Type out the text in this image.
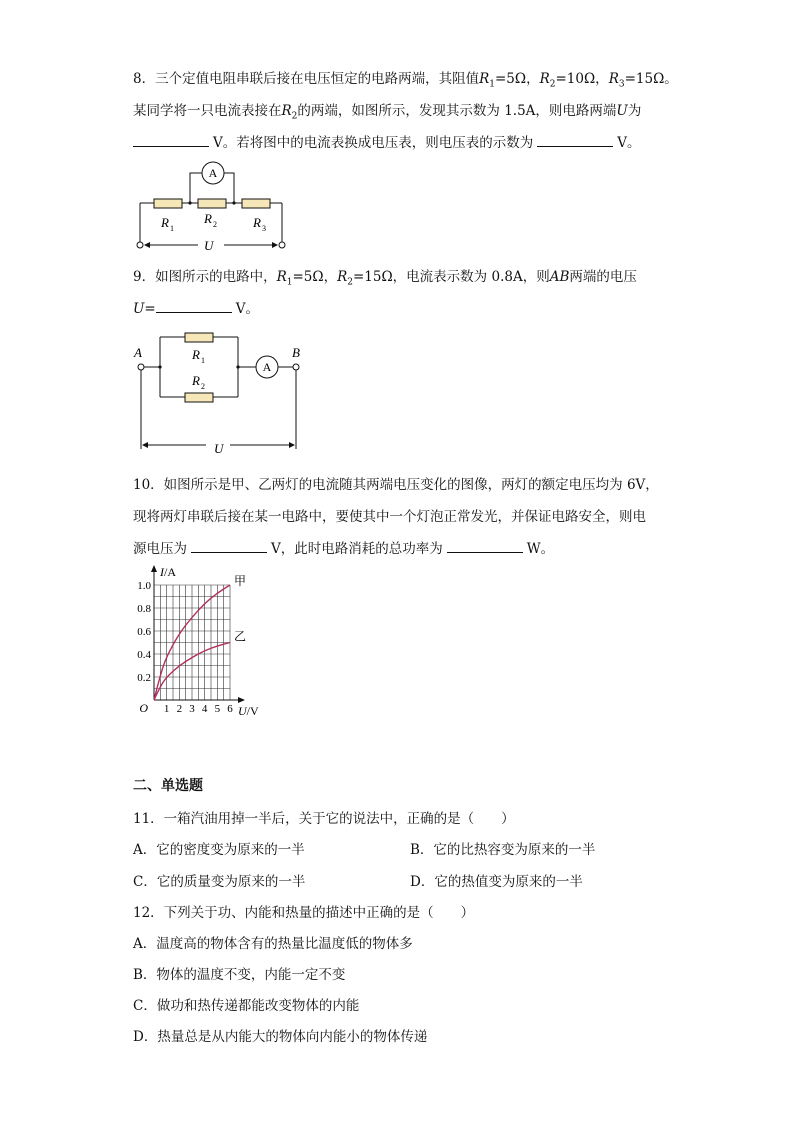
8．三个定值电阻串联后接在电压恒定的电路两端，其阻值$R_1=5\Omega$，$R_2=10\Omega$，$R_3=15\Omega$。
某同学将一只电流表接在$R_2$的两端，如图所示，发现其示数为 1.5A，则电路两端U为
V。若将图中的电流表换成电压表，则电压表的示数为	V。
A
R 1
R 2	R 3
U
9．如图所示的电路中，$R_1=5\Omega$，$R_2=15\Omega$，电流表示数为 0.8A，则AB两端的电压
U=	V。
A	B
A
R 1
R 2
U
10．如图所示是甲、乙两灯的电流随其两端电压变化的图像，两灯的额定电压均为 6V，
现将两灯串联后接在某一电路中，要使其中一个灯泡正常发光，并保证电路安全，则电
源电压为	V，此时电路消耗的总功率为	W。
1 2 3 4 5 6
0.2
0.4
0.6
0.8
1.0
O
I/A
U/V
甲
乙
二、单选题
11．一箱汽油用掉一半后，关于它的说法中，正确的是（　　）
A．它的密度变为原来的一半	B．它的比热容变为原来的一半
C．它的质量变为原来的一半	D．它的热值变为原来的一半
12．下列关于功、内能和热量的描述中正确的是（　　）
A．温度高的物体含有的热量比温度低的物体多
B．物体的温度不变，内能一定不变
C．做功和热传递都能改变物体的内能
D．热量总是从内能大的物体向内能小的物体传递
